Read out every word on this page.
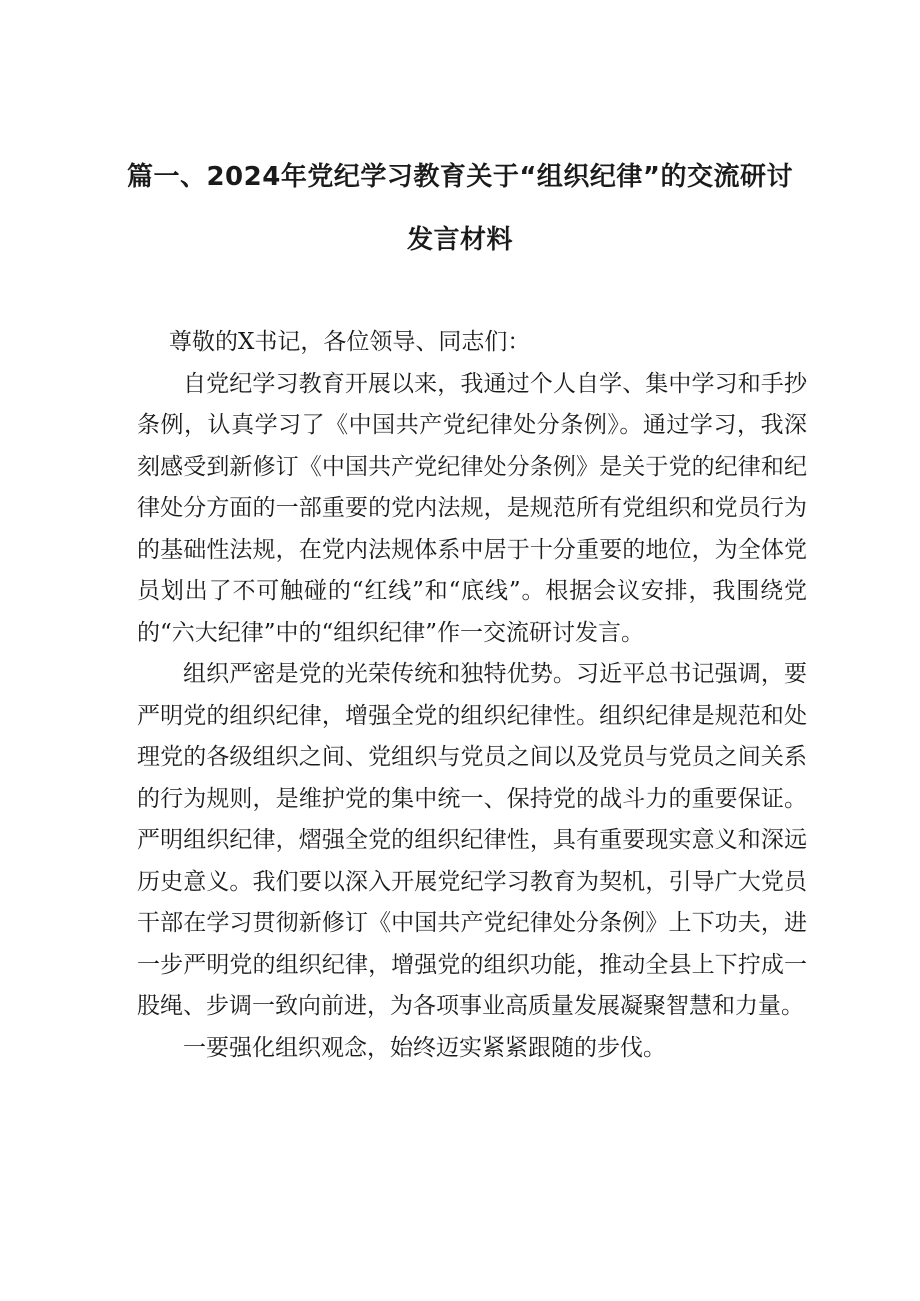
篇一、2024年党纪学习教育关于“组织纪律”的交流研讨
发言材料

尊敬的X书记，各位领导、同志们：

自党纪学习教育开展以来，我通过个人自学、集中学习和手抄条例，认真学习了《中国共产党纪律处分条例》。通过学习，我深刻感受到新修订《中国共产党纪律处分条例》是关于党的纪律和纪律处分方面的一部重要的党内法规，是规范所有党组织和党员行为的基础性法规，在党内法规体系中居于十分重要的地位，为全体党员划出了不可触碰的“红线”和“底线”。根据会议安排，我围绕党的“六大纪律”中的“组织纪律”作一交流研讨发言。

组织严密是党的光荣传统和独特优势。习近平总书记强调，要严明党的组织纪律，增强全党的组织纪律性。组织纪律是规范和处理党的各级组织之间、党组织与党员之间以及党员与党员之间关系的行为规则，是维护党的集中统一、保持党的战斗力的重要保证。严明组织纪律，熠强全党的组织纪律性，具有重要现实意义和深远历史意义。我们要以深入开展党纪学习教育为契机，引导广大党员干部在学习贯彻新修订《中国共产党纪律处分条例》上下功夫，进一步严明党的组织纪律，增强党的组织功能，推动全县上下拧成一股绳、步调一致向前进，为各项事业高质量发展凝聚智慧和力量。

一要强化组织观念，始终迈实紧紧跟随的步伐。
